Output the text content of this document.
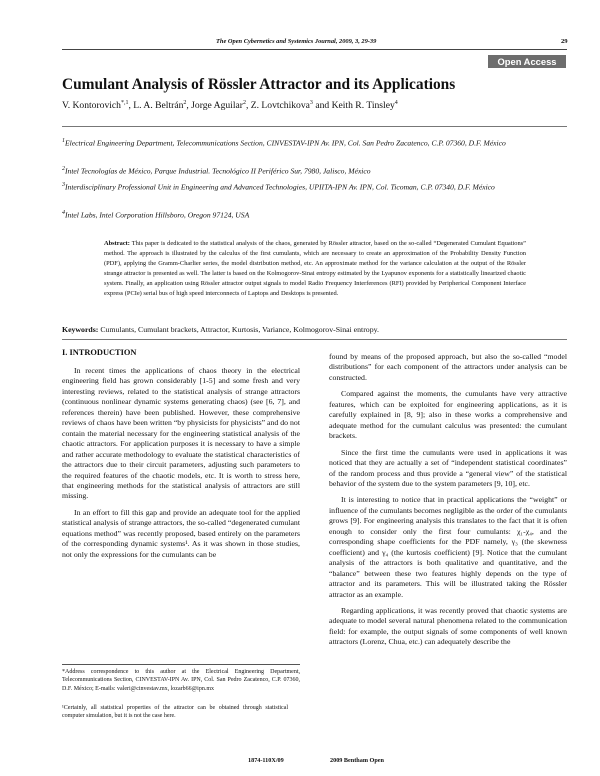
The Open Cybernetics and Systemics Journal, 2009, 3, 29-39	29
Open Access
Cumulant Analysis of Rössler Attractor and its Applications
V. Kontorovich$^{*,1}$, L. A. Beltrán$^2$, Jorge Aguilar$^2$, Z. Lovtchikova$^3$ and Keith R. Tinsley$^4$
$^1$Electrical Engineering Department, Telecommunications Section, CINVESTAV-IPN Av. IPN, Col. San Pedro Zacatenco, C.P. 07360, D.F. México
$^2$Intel Tecnologías de México, Parque Industrial. Tecnológico II Periférico Sur, 7980, Jalisco, México
$^3$Interdisciplinary Professional Unit in Engineering and Advanced Technologies, UPIITA-IPN Av. IPN, Col. Ticoman, C.P. 07340, D.F. México
$^4$Intel Labs, Intel Corporation Hillsboro, Oregon 97124, USA
Abstract: This paper is dedicated to the statistical analysis of the chaos, generated by Rössler attractor, based on the so-called “Degenerated Cumulant Equations” method. The approach is illustrated by the calculus of the first cumulants, which are necessary to create an approximation of the Probability Density Function (PDF), applying the Gramm-Charlier series, the model distribution method, etc. An approximate method for the variance calculation at the output of the Rössler strange attractor is presented as well. The latter is based on the Kolmogorov-Sinai entropy estimated by the Lyapunov exponents for a statistically linearized chaotic system. Finally, an application using Rössler attractor output signals to model Radio Frequency Interferences (RFI) provided by Peripherical Component Interface express (PCIe) serial bus of high speed interconnects of Laptops and Desktops is presented.
Keywords: Cumulants, Cumulant brackets, Attractor, Kurtosis, Variance, Kolmogorov-Sinai entropy.
I. INTRODUCTION

In recent times the applications of chaos theory in the electrical engineering field has grown considerably [1-5] and some fresh and very interesting reviews, related to the statistical analysis of strange attractors (continuous nonlinear dynamic systems generating chaos) (see [6, 7], and references therein) have been published. However, these comprehensive reviews of chaos have been written “by physicists for physicists” and do not contain the material necessary for the engineering statistical analysis of the chaotic attractors. For application purposes it is necessary to have a simple and rather accurate methodology to evaluate the statistical characteristics of the attractors due to their circuit parameters, adjusting such parameters to the required features of the chaotic models, etc. It is worth to stress here, that engineering methods for the statistical analysis of attractors are still missing.

In an effort to fill this gap and provide an adequate tool for the applied statistical analysis of strange attractors, the so-called “degenerated cumulant equations method” was recently proposed, based entirely on the parameters of the corresponding dynamic systems¹. As it was shown in those studies, not only the expressions for the cumulants can be

*Address correspondence to this author at the Electrical Engineering Department, Telecommunications Section, CINVESTAV-IPN Av. IPN, Col. San Pedro Zacatenco, C.P. 07360, D.F. México; E-mails: valeri@cinvestav.mx, lozarb66@ipn.mx
¹Certainly, all statistical properties of the attractor can be obtained through statistical computer simulation, but it is not the case here.

found by means of the proposed approach, but also the so-called “model distributions” for each component of the attractors under analysis can be constructed.

Compared against the moments, the cumulants have very attractive features, which can be exploited for engineering applications, as it is carefully explained in [8, 9]; also in these works a comprehensive and adequate method for the cumulant calculus was presented: the cumulant brackets.

Since the first time the cumulants were used in applications it was noticed that they are actually a set of “independent statistical coordinates” of the random process and thus provide a “general view” of the statistical behavior of the system due to the system parameters [9, 10], etc.

It is interesting to notice that in practical applications the “weight” or influence of the cumulants becomes negligible as the order of the cumulants grows [9]. For engineering analysis this translates to the fact that it is often enough to consider only the first four cumulants: χ₁-χ₄, and the corresponding shape coefficients for the PDF namely, γ₃ (the skewness coefficient) and γ₄ (the kurtosis coefficient) [9]. Notice that the cumulant analysis of the attractors is both qualitative and quantitative, and the “balance” between these two features highly depends on the type of attractor and its parameters. This will be illustrated taking the Rössler attractor as an example.

Regarding applications, it was recently proved that chaotic systems are adequate to model several natural phenomena related to the communication field: for example, the output signals of some components of well known attractors (Lorenz, Chua, etc.) can adequately describe the

1874-110X/09	2009 Bentham Open
